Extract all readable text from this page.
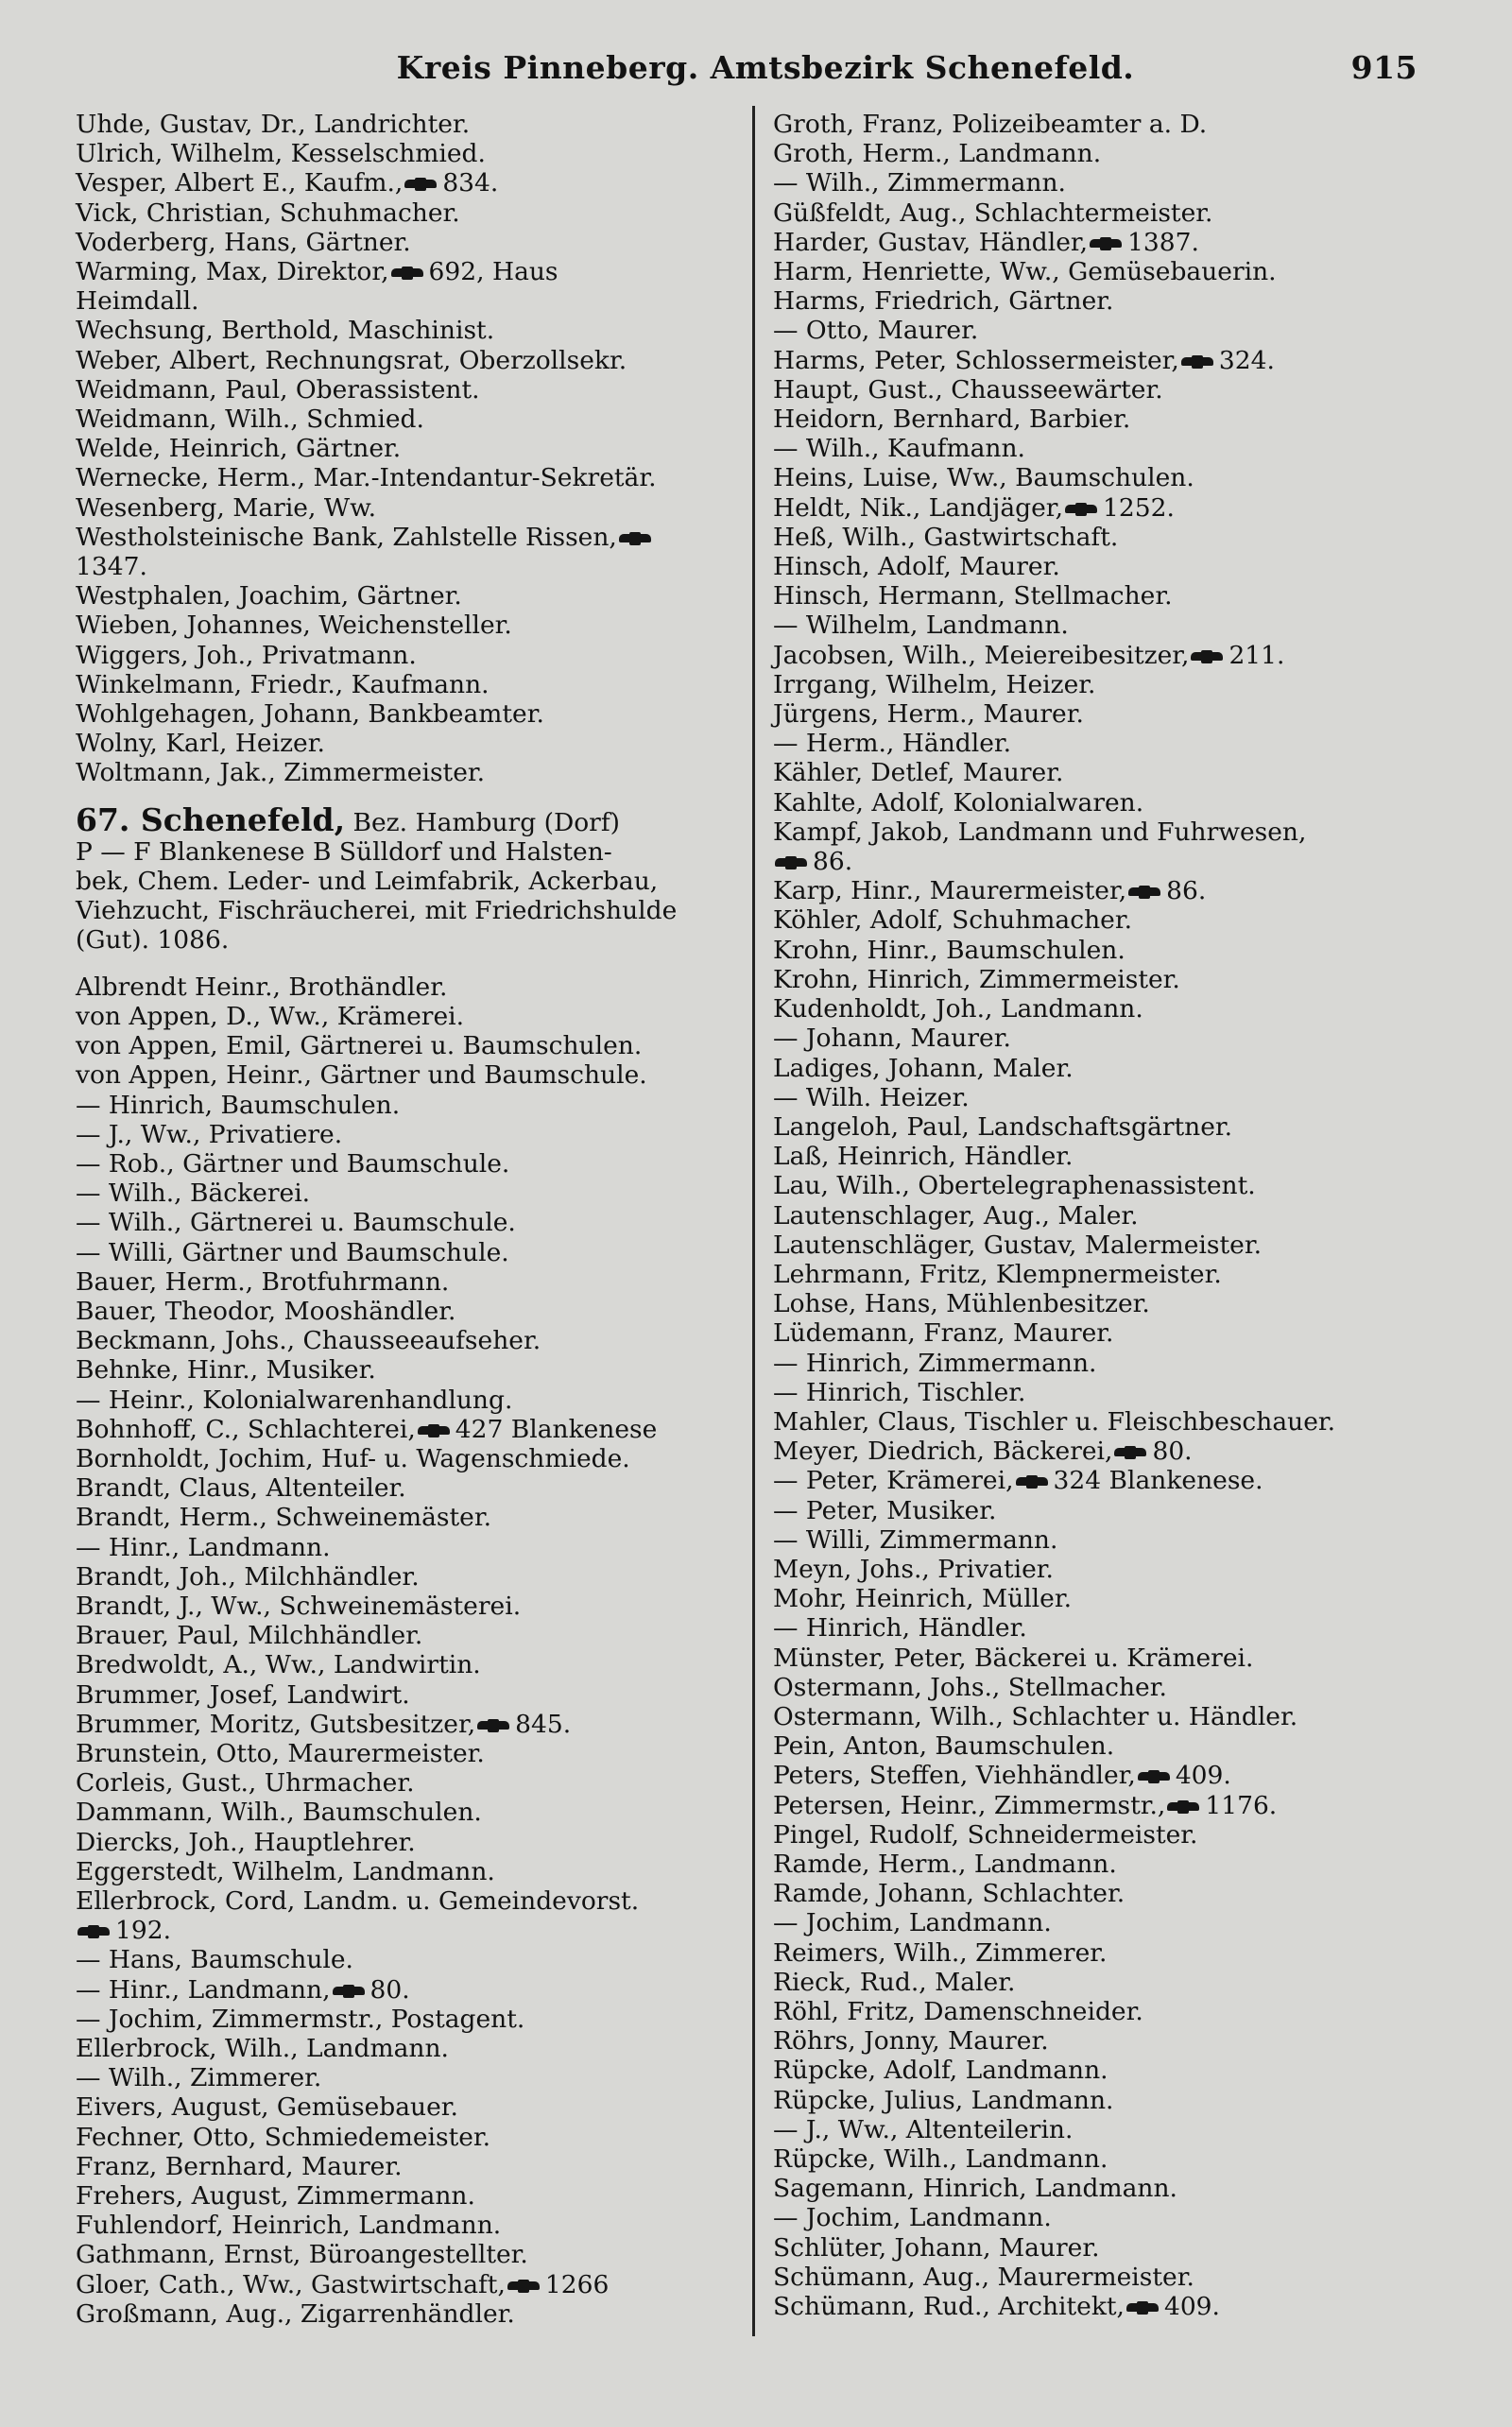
Kreis Pinneberg. Amtsbezirk Schenefeld.	915
Uhde, Gustav, Dr., Landrichter.
Ulrich, Wilhelm, Kesselschmied.
Vesper, Albert E., Kaufm., 834.
Vick, Christian, Schuhmacher.
Voderberg, Hans, Gärtner.
Warming, Max, Direktor, 692, Haus
Heimdall.
Wechsung, Berthold, Maschinist.
Weber, Albert, Rechnungsrat, Oberzollsekr.
Weidmann, Paul, Oberassistent.
Weidmann, Wilh., Schmied.
Welde, Heinrich, Gärtner.
Wernecke, Herm., Mar.-Intendantur-Sekretär.
Wesenberg, Marie, Ww.
Westholsteinische Bank, Zahlstelle Rissen,
1347.
Westphalen, Joachim, Gärtner.
Wieben, Johannes, Weichensteller.
Wiggers, Joh., Privatmann.
Winkelmann, Friedr., Kaufmann.
Wohlgehagen, Johann, Bankbeamter.
Wolny, Karl, Heizer.
Woltmann, Jak., Zimmermeister.
67. Schenefeld, Bez. Hamburg (Dorf)
P — F Blankenese B Sülldorf und Halsten-
bek, Chem. Leder- und Leimfabrik, Ackerbau,
Viehzucht, Fischräucherei, mit Friedrichshulde
(Gut). 1086.
Albrendt Heinr., Brothändler.
von Appen, D., Ww., Krämerei.
von Appen, Emil, Gärtnerei u. Baumschulen.
von Appen, Heinr., Gärtner und Baumschule.
— Hinrich, Baumschulen.
— J., Ww., Privatiere.
— Rob., Gärtner und Baumschule.
— Wilh., Bäckerei.
— Wilh., Gärtnerei u. Baumschule.
— Willi, Gärtner und Baumschule.
Bauer, Herm., Brotfuhrmann.
Bauer, Theodor, Mooshändler.
Beckmann, Johs., Chausseeaufseher.
Behnke, Hinr., Musiker.
— Heinr., Kolonialwarenhandlung.
Bohnhoff, C., Schlachterei, 427 Blankenese
Bornholdt, Jochim, Huf- u. Wagenschmiede.
Brandt, Claus, Altenteiler.
Brandt, Herm., Schweinemäster.
— Hinr., Landmann.
Brandt, Joh., Milchhändler.
Brandt, J., Ww., Schweinemästerei.
Brauer, Paul, Milchhändler.
Bredwoldt, A., Ww., Landwirtin.
Brummer, Josef, Landwirt.
Brummer, Moritz, Gutsbesitzer, 845.
Brunstein, Otto, Maurermeister.
Corleis, Gust., Uhrmacher.
Dammann, Wilh., Baumschulen.
Diercks, Joh., Hauptlehrer.
Eggerstedt, Wilhelm, Landmann.
Ellerbrock, Cord, Landm. u. Gemeindevorst.
192.
— Hans, Baumschule.
— Hinr., Landmann, 80.
— Jochim, Zimmermstr., Postagent.
Ellerbrock, Wilh., Landmann.
— Wilh., Zimmerer.
Eivers, August, Gemüsebauer.
Fechner, Otto, Schmiedemeister.
Franz, Bernhard, Maurer.
Frehers, August, Zimmermann.
Fuhlendorf, Heinrich, Landmann.
Gathmann, Ernst, Büroangestellter.
Gloer, Cath., Ww., Gastwirtschaft, 1266
Großmann, Aug., Zigarrenhändler.
Groth, Franz, Polizeibeamter a. D.
Groth, Herm., Landmann.
— Wilh., Zimmermann.
Güßfeldt, Aug., Schlachtermeister.
Harder, Gustav, Händler, 1387.
Harm, Henriette, Ww., Gemüsebauerin.
Harms, Friedrich, Gärtner.
— Otto, Maurer.
Harms, Peter, Schlossermeister, 324.
Haupt, Gust., Chausseewärter.
Heidorn, Bernhard, Barbier.
— Wilh., Kaufmann.
Heins, Luise, Ww., Baumschulen.
Heldt, Nik., Landjäger, 1252.
Heß, Wilh., Gastwirtschaft.
Hinsch, Adolf, Maurer.
Hinsch, Hermann, Stellmacher.
— Wilhelm, Landmann.
Jacobsen, Wilh., Meiereibesitzer, 211.
Irrgang, Wilhelm, Heizer.
Jürgens, Herm., Maurer.
— Herm., Händler.
Kähler, Detlef, Maurer.
Kahlte, Adolf, Kolonialwaren.
Kampf, Jakob, Landmann und Fuhrwesen,
86.
Karp, Hinr., Maurermeister, 86.
Köhler, Adolf, Schuhmacher.
Krohn, Hinr., Baumschulen.
Krohn, Hinrich, Zimmermeister.
Kudenholdt, Joh., Landmann.
— Johann, Maurer.
Ladiges, Johann, Maler.
— Wilh. Heizer.
Langeloh, Paul, Landschaftsgärtner.
Laß, Heinrich, Händler.
Lau, Wilh., Obertelegraphenassistent.
Lautenschlager, Aug., Maler.
Lautenschläger, Gustav, Malermeister.
Lehrmann, Fritz, Klempnermeister.
Lohse, Hans, Mühlenbesitzer.
Lüdemann, Franz, Maurer.
— Hinrich, Zimmermann.
— Hinrich, Tischler.
Mahler, Claus, Tischler u. Fleischbeschauer.
Meyer, Diedrich, Bäckerei, 80.
— Peter, Krämerei, 324 Blankenese.
— Peter, Musiker.
— Willi, Zimmermann.
Meyn, Johs., Privatier.
Mohr, Heinrich, Müller.
— Hinrich, Händler.
Münster, Peter, Bäckerei u. Krämerei.
Ostermann, Johs., Stellmacher.
Ostermann, Wilh., Schlachter u. Händler.
Pein, Anton, Baumschulen.
Peters, Steffen, Viehhändler, 409.
Petersen, Heinr., Zimmermstr., 1176.
Pingel, Rudolf, Schneidermeister.
Ramde, Herm., Landmann.
Ramde, Johann, Schlachter.
— Jochim, Landmann.
Reimers, Wilh., Zimmerer.
Rieck, Rud., Maler.
Röhl, Fritz, Damenschneider.
Röhrs, Jonny, Maurer.
Rüpcke, Adolf, Landmann.
Rüpcke, Julius, Landmann.
— J., Ww., Altenteilerin.
Rüpcke, Wilh., Landmann.
Sagemann, Hinrich, Landmann.
— Jochim, Landmann.
Schlüter, Johann, Maurer.
Schümann, Aug., Maurermeister.
Schümann, Rud., Architekt, 409.
